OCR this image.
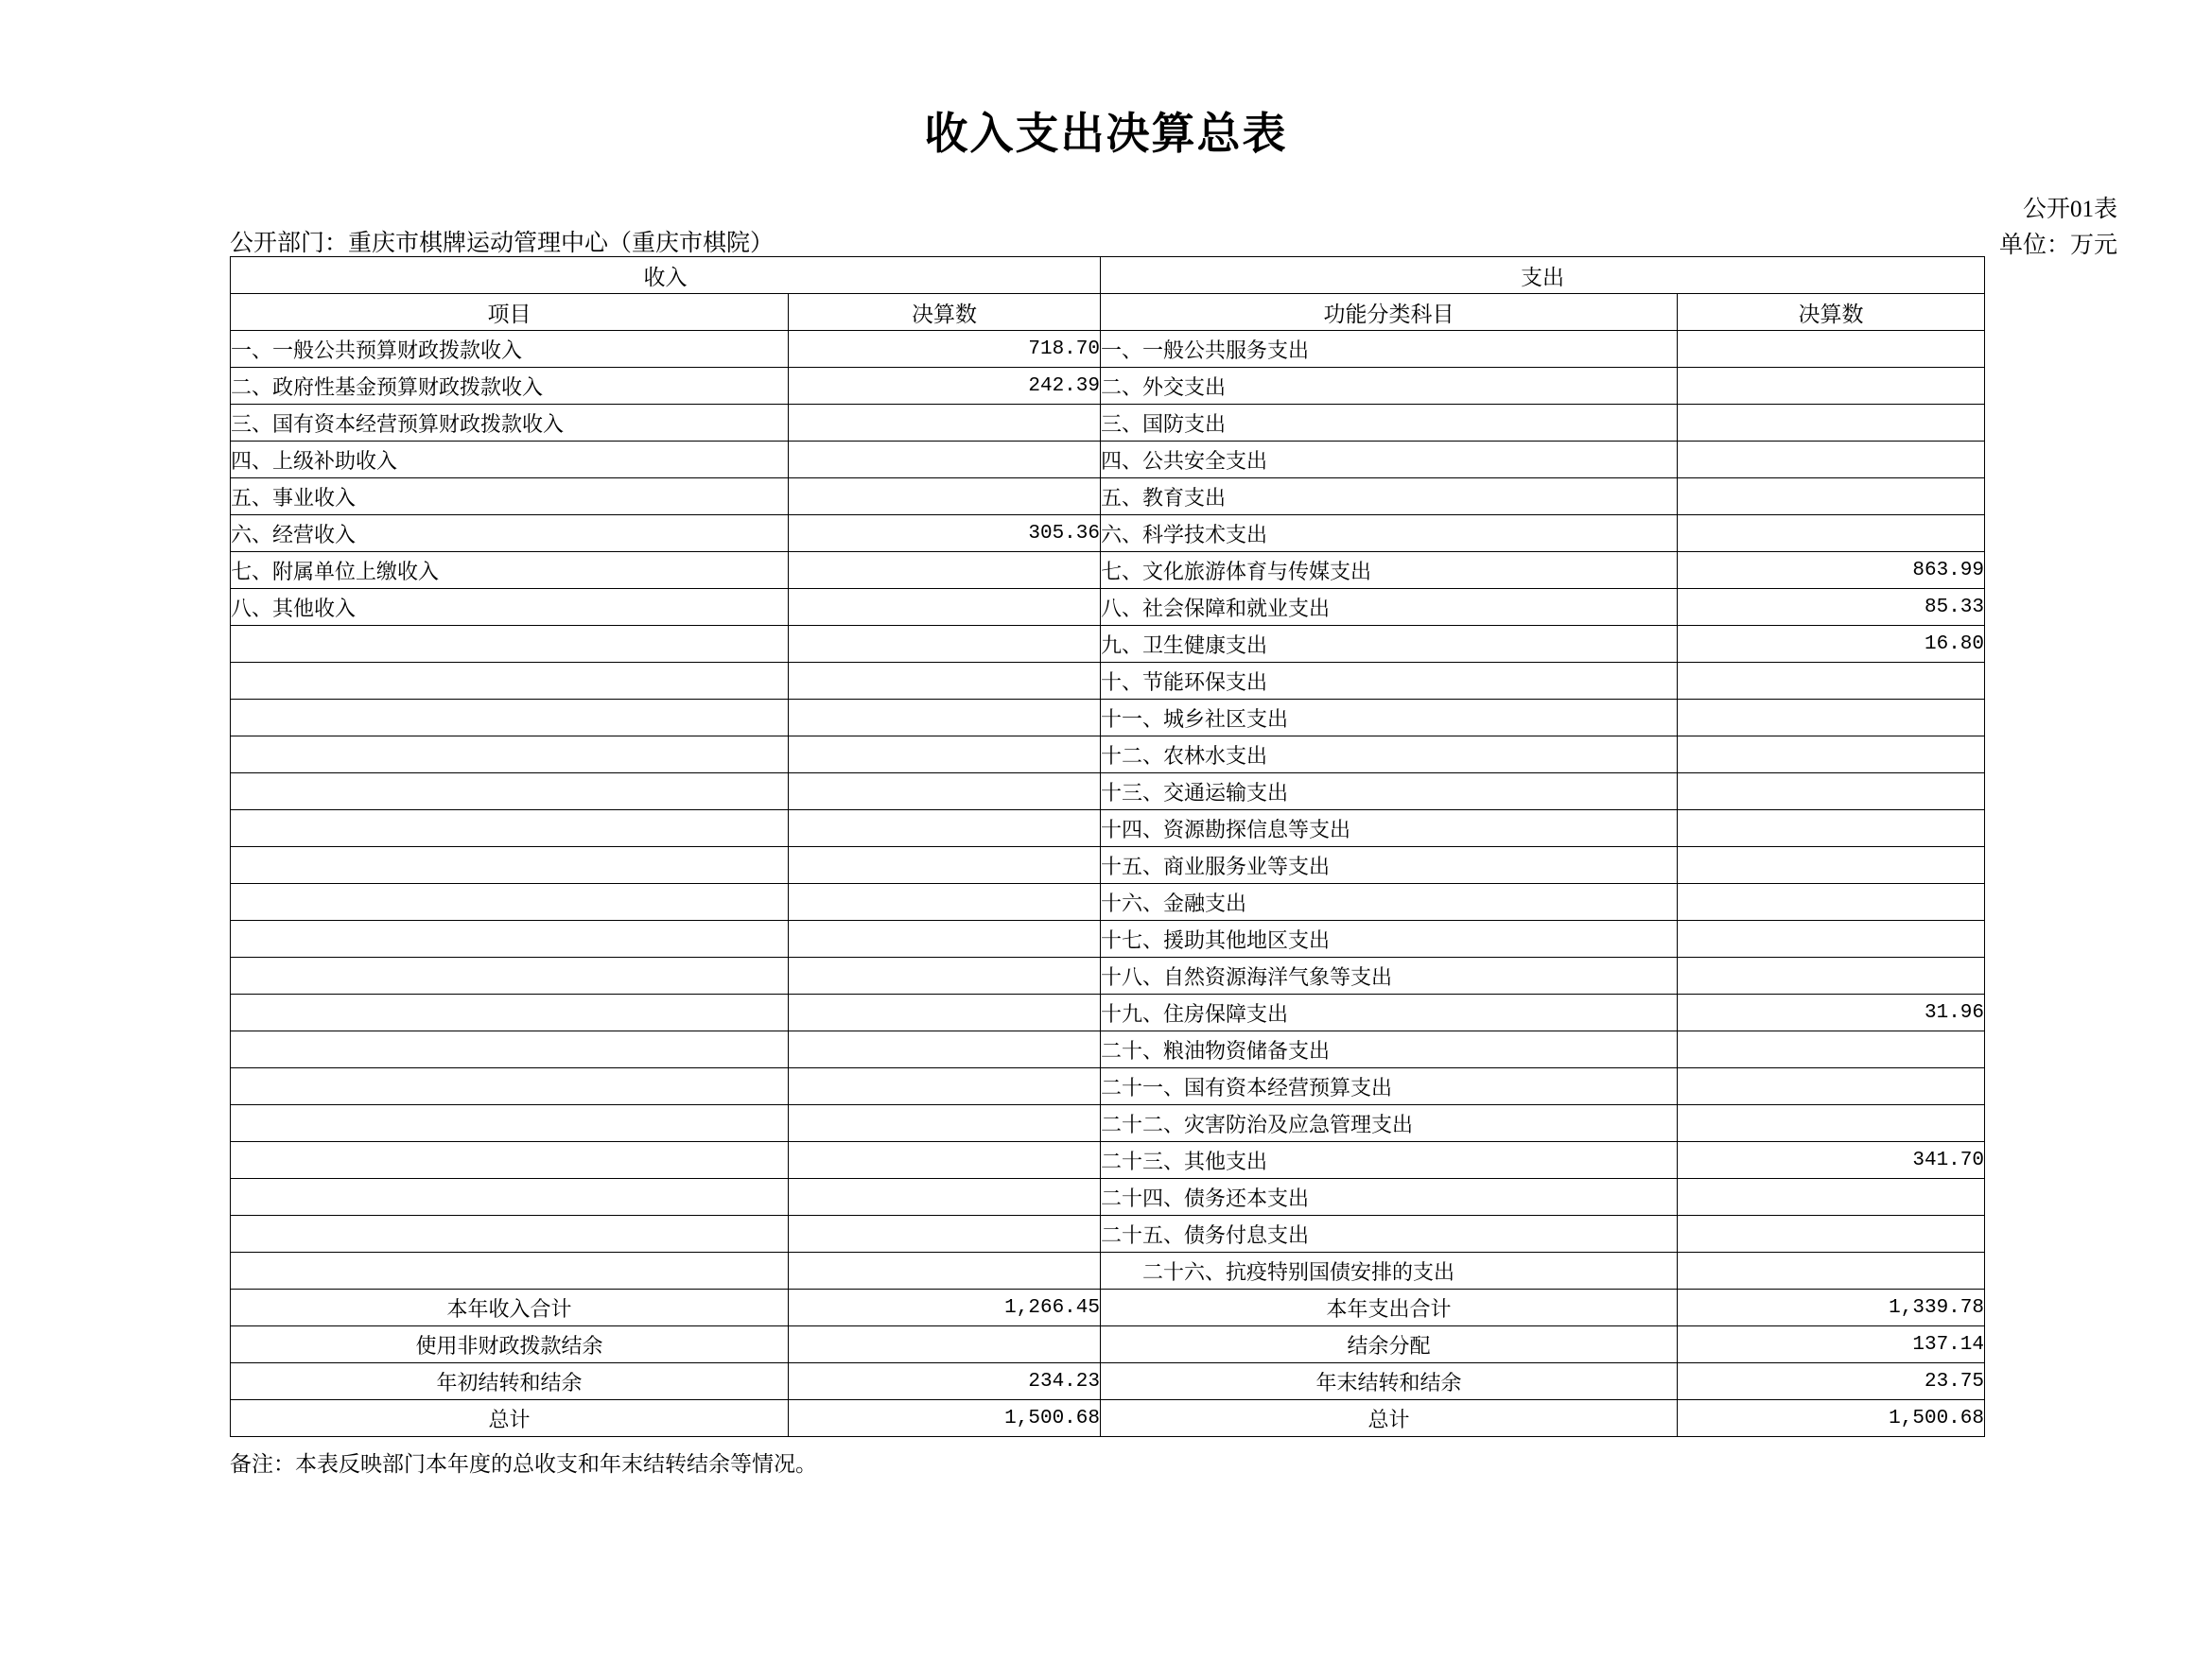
收入支出决算总表
公开01表
单位：万元
公开部门：重庆市棋牌运动管理中心（重庆市棋院）
收入		支出	
项目	决算数	功能分类科目	决算数
一、一般公共预算财政拨款收入	718.70	一、一般公共服务支出	
二、政府性基金预算财政拨款收入	242.39	二、外交支出	
三、国有资本经营预算财政拨款收入		三、国防支出	
四、上级补助收入		四、公共安全支出	
五、事业收入		五、教育支出	
六、经营收入	305.36	六、科学技术支出	
七、附属单位上缴收入		七、文化旅游体育与传媒支出	863.99
八、其他收入		八、社会保障和就业支出	85.33
		九、卫生健康支出	16.80
		十、节能环保支出	
		十一、城乡社区支出	
		十二、农林水支出	
		十三、交通运输支出	
		十四、资源勘探信息等支出	
		十五、商业服务业等支出	
		十六、金融支出	
		十七、援助其他地区支出	
		十八、自然资源海洋气象等支出	
		十九、住房保障支出	31.96
		二十、粮油物资储备支出	
		二十一、国有资本经营预算支出	
		二十二、灾害防治及应急管理支出	
		二十三、其他支出	341.70
		二十四、债务还本支出	
		二十五、债务付息支出	
		　　二十六、抗疫特别国债安排的支出	
本年收入合计	1,266.45	本年支出合计	1,339.78
使用非财政拨款结余		结余分配	137.14
年初结转和结余	234.23	年末结转和结余	23.75
总计	1,500.68	总计	1,500.68
备注：本表反映部门本年度的总收支和年末结转结余等情况。
